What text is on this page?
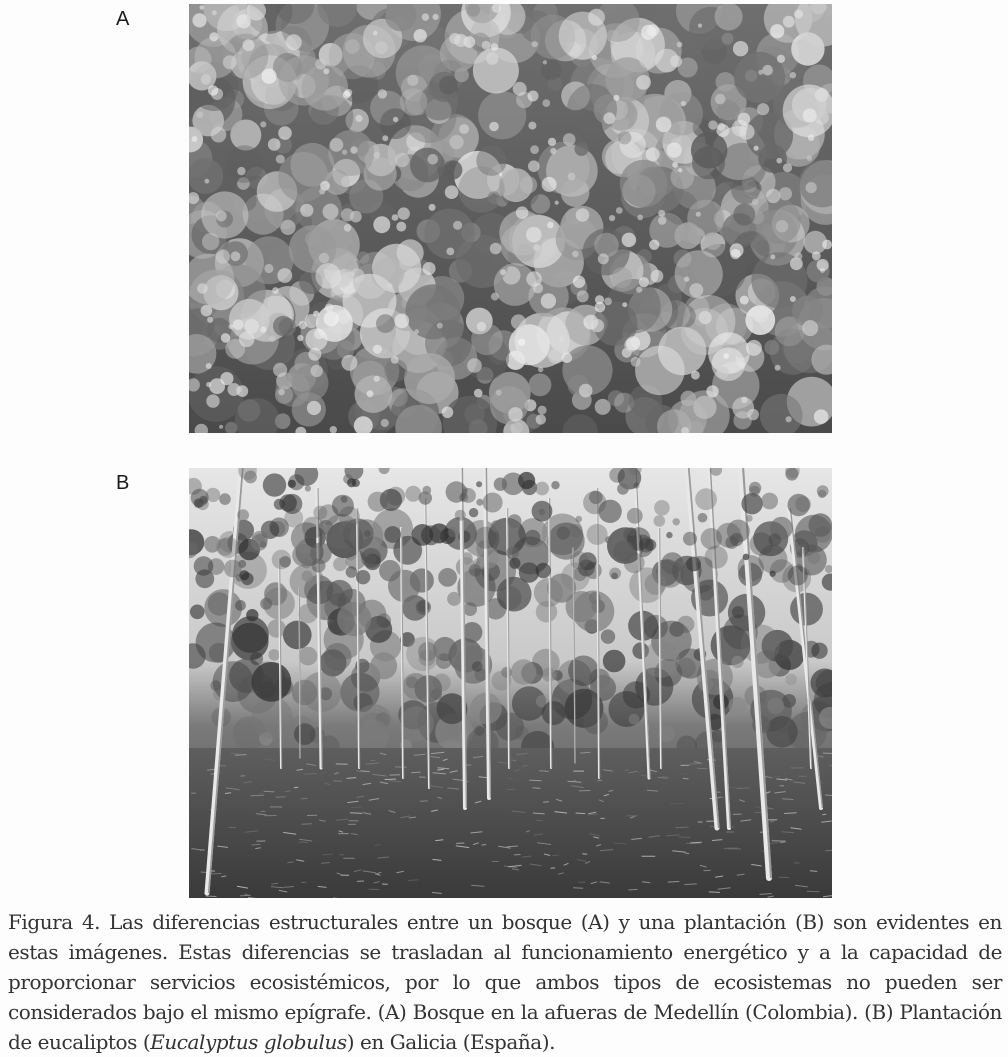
A
B
Figura 4. Las diferencias estructurales entre un bosque (A) y una plantación (B) son evidentes en estas imágenes. Estas diferencias se trasladan al funcionamiento energético y a la capacidad de proporcionar servicios ecosistémicos, por lo que ambos tipos de ecosistemas no pueden ser considerados bajo el mismo epígrafe. (A) Bosque en la afueras de Medellín (Colombia). (B) Plantación de eucaliptos (Eucalyptus globulus) en Galicia (España).
